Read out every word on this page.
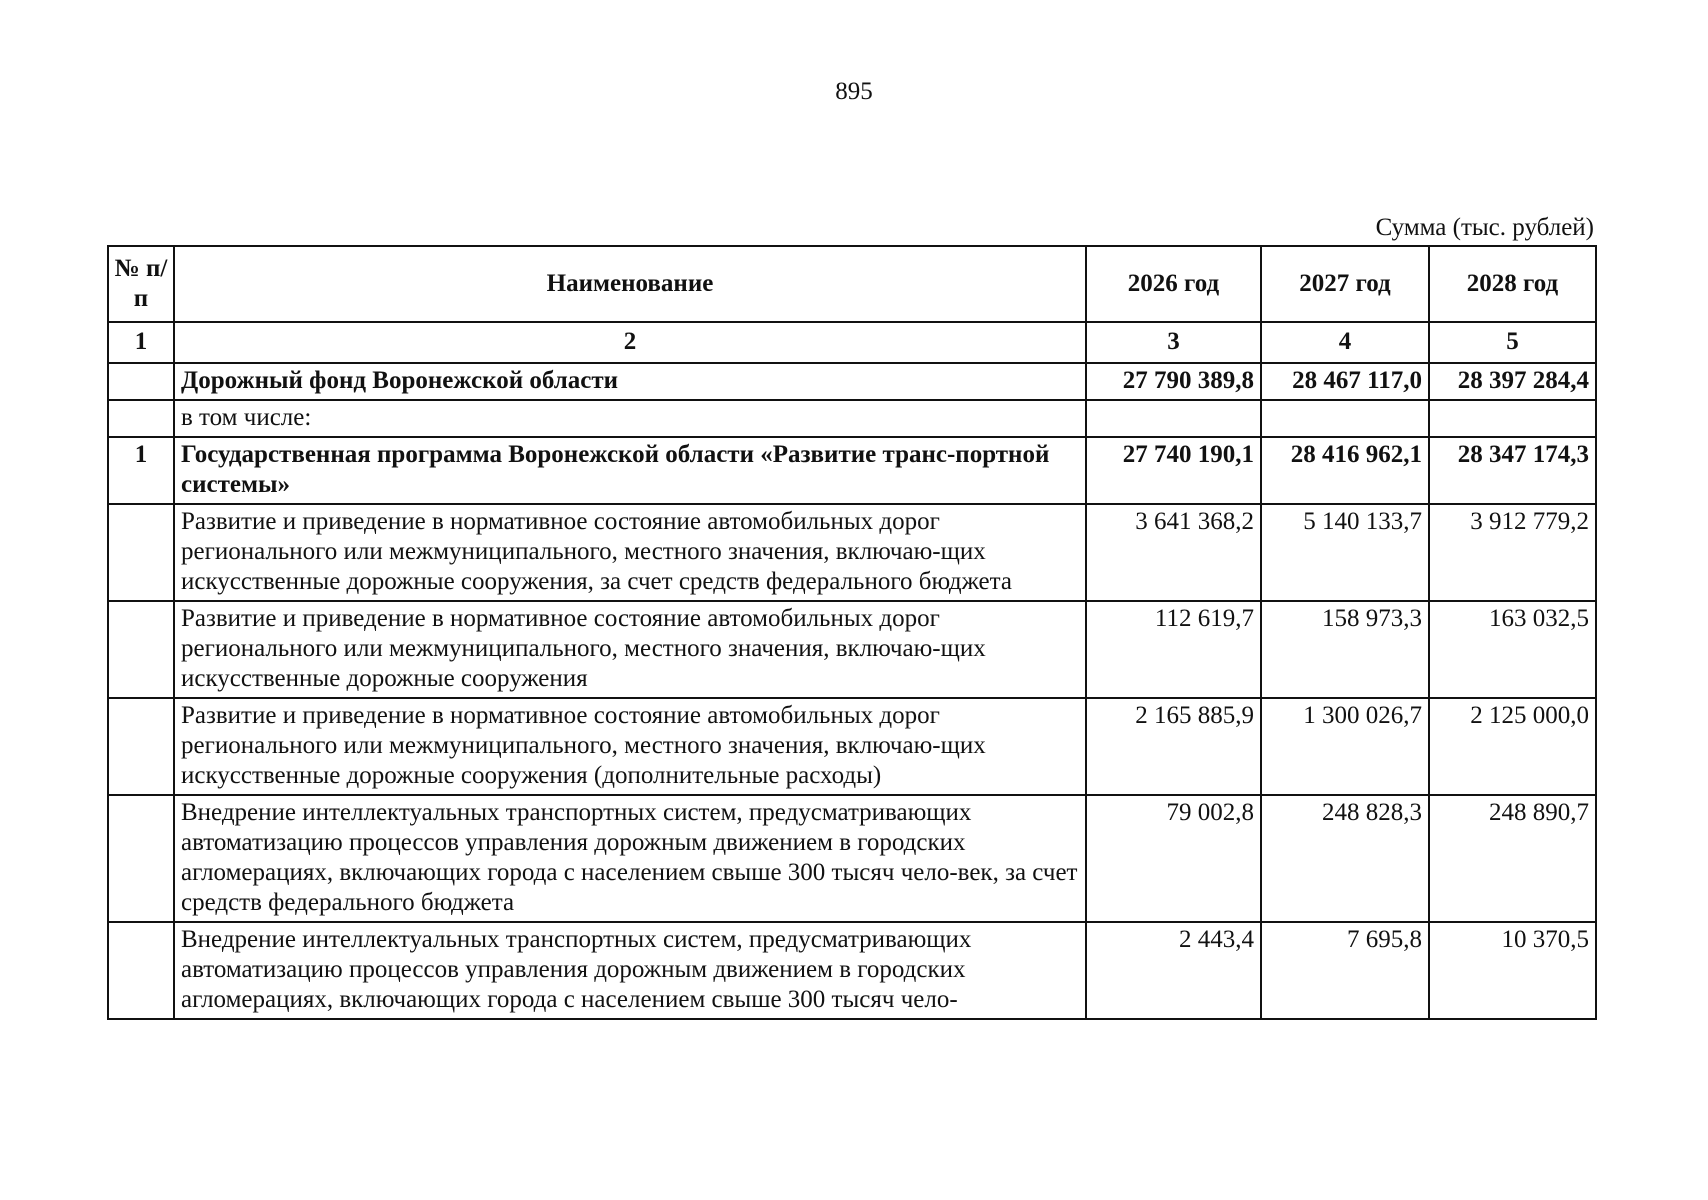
895
Сумма (тыс. рублей)
№ п/п	Наименование	2026 год	2027 год	2028 год
1	2	3	4	5
	Дорожный фонд Воронежской области	27 790 389,8	28 467 117,0	28 397 284,4
	в том числе:			
1	Государственная программа Воронежской области «Развитие транс-портной системы»	27 740 190,1	28 416 962,1	28 347 174,3
	Развитие и приведение в нормативное состояние автомобильных дорог регионального или межмуниципального, местного значения, включаю-щих искусственные дорожные сооружения, за счет средств федерального бюджета	3 641 368,2	5 140 133,7	3 912 779,2
	Развитие и приведение в нормативное состояние автомобильных дорог регионального или межмуниципального, местного значения, включаю-щих искусственные дорожные сооружения	112 619,7	158 973,3	163 032,5
	Развитие и приведение в нормативное состояние автомобильных дорог регионального или межмуниципального, местного значения, включаю-щих искусственные дорожные сооружения (дополнительные расходы)	2 165 885,9	1 300 026,7	2 125 000,0
	Внедрение интеллектуальных транспортных систем, предусматривающих автоматизацию процессов управления дорожным движением в городских агломерациях, включающих города с населением свыше 300 тысяч чело-век, за счет средств федерального бюджета	79 002,8	248 828,3	248 890,7
	Внедрение интеллектуальных транспортных систем, предусматривающих автоматизацию процессов управления дорожным движением в городских агломерациях, включающих города с населением свыше 300 тысяч чело-	2 443,4	7 695,8	10 370,5
